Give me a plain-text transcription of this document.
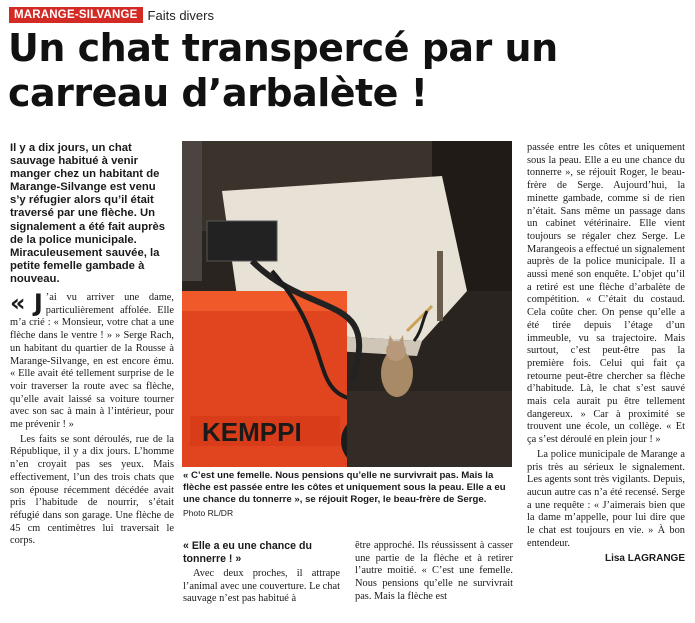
MARANGE-SILVANGE Faits divers
Un chat transpercé par un carreau d’arbalète !

Il y a dix jours, un chat sauvage habitué à venir manger chez un habitant de Marange-Silvange est venu s’y réfugier alors qu’il était traversé par une flèche. Un signalement a été fait auprès de la police municipale. Miraculeusement sauvée, la petite femelle gambade à nouveau.

« J ’ai vu arriver une dame, particulièrement affolée. Elle m’a crié : « Monsieur, votre chat a une flèche dans le ventre ! » » Serge Rach, un habitant du quartier de la Rousse à Marange-Silvange, en est encore ému. « Elle avait été tellement surprise de le voir traverser la route avec sa flèche, qu’elle avait laissé sa voiture tourner avec son sac à main à l’intérieur, pour me prévenir ! »

Les faits se sont déroulés, rue de la République, il y a dix jours. L’homme n’en croyait pas ses yeux. Mais effectivement, l’un des trois chats que son épouse récemment décédée avait pris l’habitude de nourrir, s’était réfugié dans son garage. Une flèche de 45 cm centimètres lui traversait le corps.

KEMPPI
« C’est une femelle. Nous pensions qu’elle ne survivrait pas. Mais la flèche est passée entre les côtes et uniquement sous la peau. Elle a eu une chance du tonnerre », se réjouit Roger, le beau-frère de Serge.
Photo RL/DR

« Elle a eu une chance du tonnerre ! »

Avec deux proches, il attrape l’animal avec une couverture. Le chat sauvage n’est pas habitué à

être approché. Ils réussissent à casser une partie de la flèche et à retirer l’autre moitié. « C’est une femelle. Nous pensions qu’elle ne survivrait pas. Mais la flèche est

passée entre les côtes et uniquement sous la peau. Elle a eu une chance du tonnerre », se réjouit Roger, le beau-frère de Serge. Aujourd’hui, la minette gambade, comme si de rien n’était. Sans même un passage dans un cabinet vétérinaire. Elle vient toujours se régaler chez Serge. Le Marangeois a effectué un signalement auprès de la police municipale. Il a aussi mené son enquête. L’objet qu’il a retiré est une flèche d’arbalète de compétition. « C’était du costaud. Cela coûte cher. On pense qu’elle a été tirée depuis l’étage d’un immeuble, vu sa trajectoire. Mais surtout, c’est peut-être pas la première fois. Celui qui fait ça retourne peut-être chercher sa flèche d’habitude. Là, le chat s’est sauvé mais cela aurait pu être tellement dangereux. » Car à proximité se trouvent une école, un collège. « Et ça s’est déroulé en plein jour ! »

La police municipale de Marange a pris très au sérieux le signalement. Les agents sont très vigilants. Depuis, aucun autre cas n’a été recensé. Serge a une requête : « J’aimerais bien que la dame m’appelle, pour lui dire que le chat est toujours en vie. » À bon entendeur.

Lisa LAGRANGE
